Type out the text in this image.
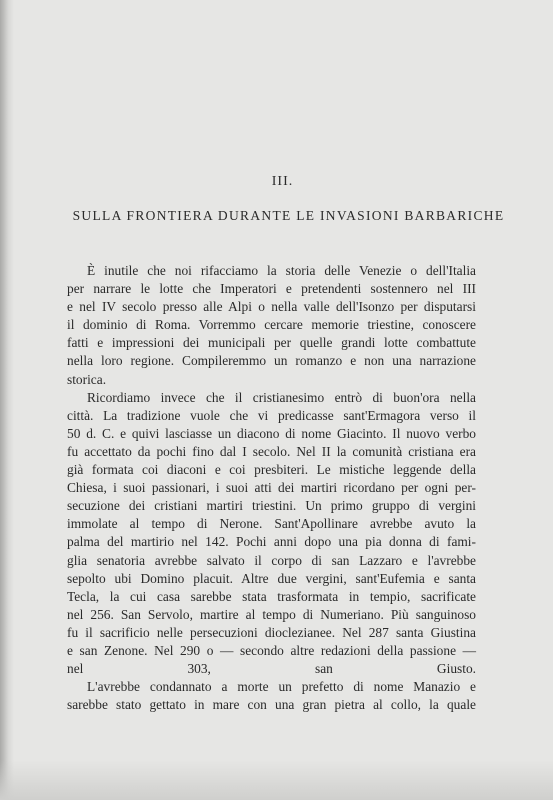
III.
SULLA FRONTIERA DURANTE LE INVASIONI BARBARICHE

È inutile che noi rifacciamo la storia delle Venezie o dell'Italia
per narrare le lotte che Imperatori e pretendenti sostennero nel III
e nel IV secolo presso alle Alpi o nella valle dell'Isonzo per disputarsi
il dominio di Roma. Vorremmo cercare memorie triestine, conoscere
fatti e impressioni dei municipali per quelle grandi lotte combattute
nella loro regione. Compileremmo un romanzo e non una narrazione
storica.

Ricordiamo invece che il cristianesimo entrò di buon'ora nella
città. La tradizione vuole che vi predicasse sant'Ermagora verso il
50 d. C. e quivi lasciasse un diacono di nome Giacinto. Il nuovo verbo
fu accettato da pochi fino dal I secolo. Nel II la comunità cristiana era
già formata coi diaconi e coi presbiteri. Le mistiche leggende della
Chiesa, i suoi passionari, i suoi atti dei martiri ricordano per ogni per-
secuzione dei cristiani martiri triestini. Un primo gruppo di vergini
immolate al tempo di Nerone. Sant'Apollinare avrebbe avuto la
palma del martirio nel 142. Pochi anni dopo una pia donna di fami-
glia senatoria avrebbe salvato il corpo di san Lazzaro e l'avrebbe
sepolto ubi Domino placuit. Altre due vergini, sant'Eufemia e santa
Tecla, la cui casa sarebbe stata trasformata in tempio, sacrificate
nel 256. San Servolo, martire al tempo di Numeriano. Più sanguinoso
fu il sacrificio nelle persecuzioni dioclezianee. Nel 287 santa Giustina
e san Zenone. Nel 290 o — secondo altre redazioni della passione —
nel 303, san Giusto.

L'avrebbe condannato a morte un prefetto di nome Manazio e
sarebbe stato gettato in mare con una gran pietra al collo, la quale
